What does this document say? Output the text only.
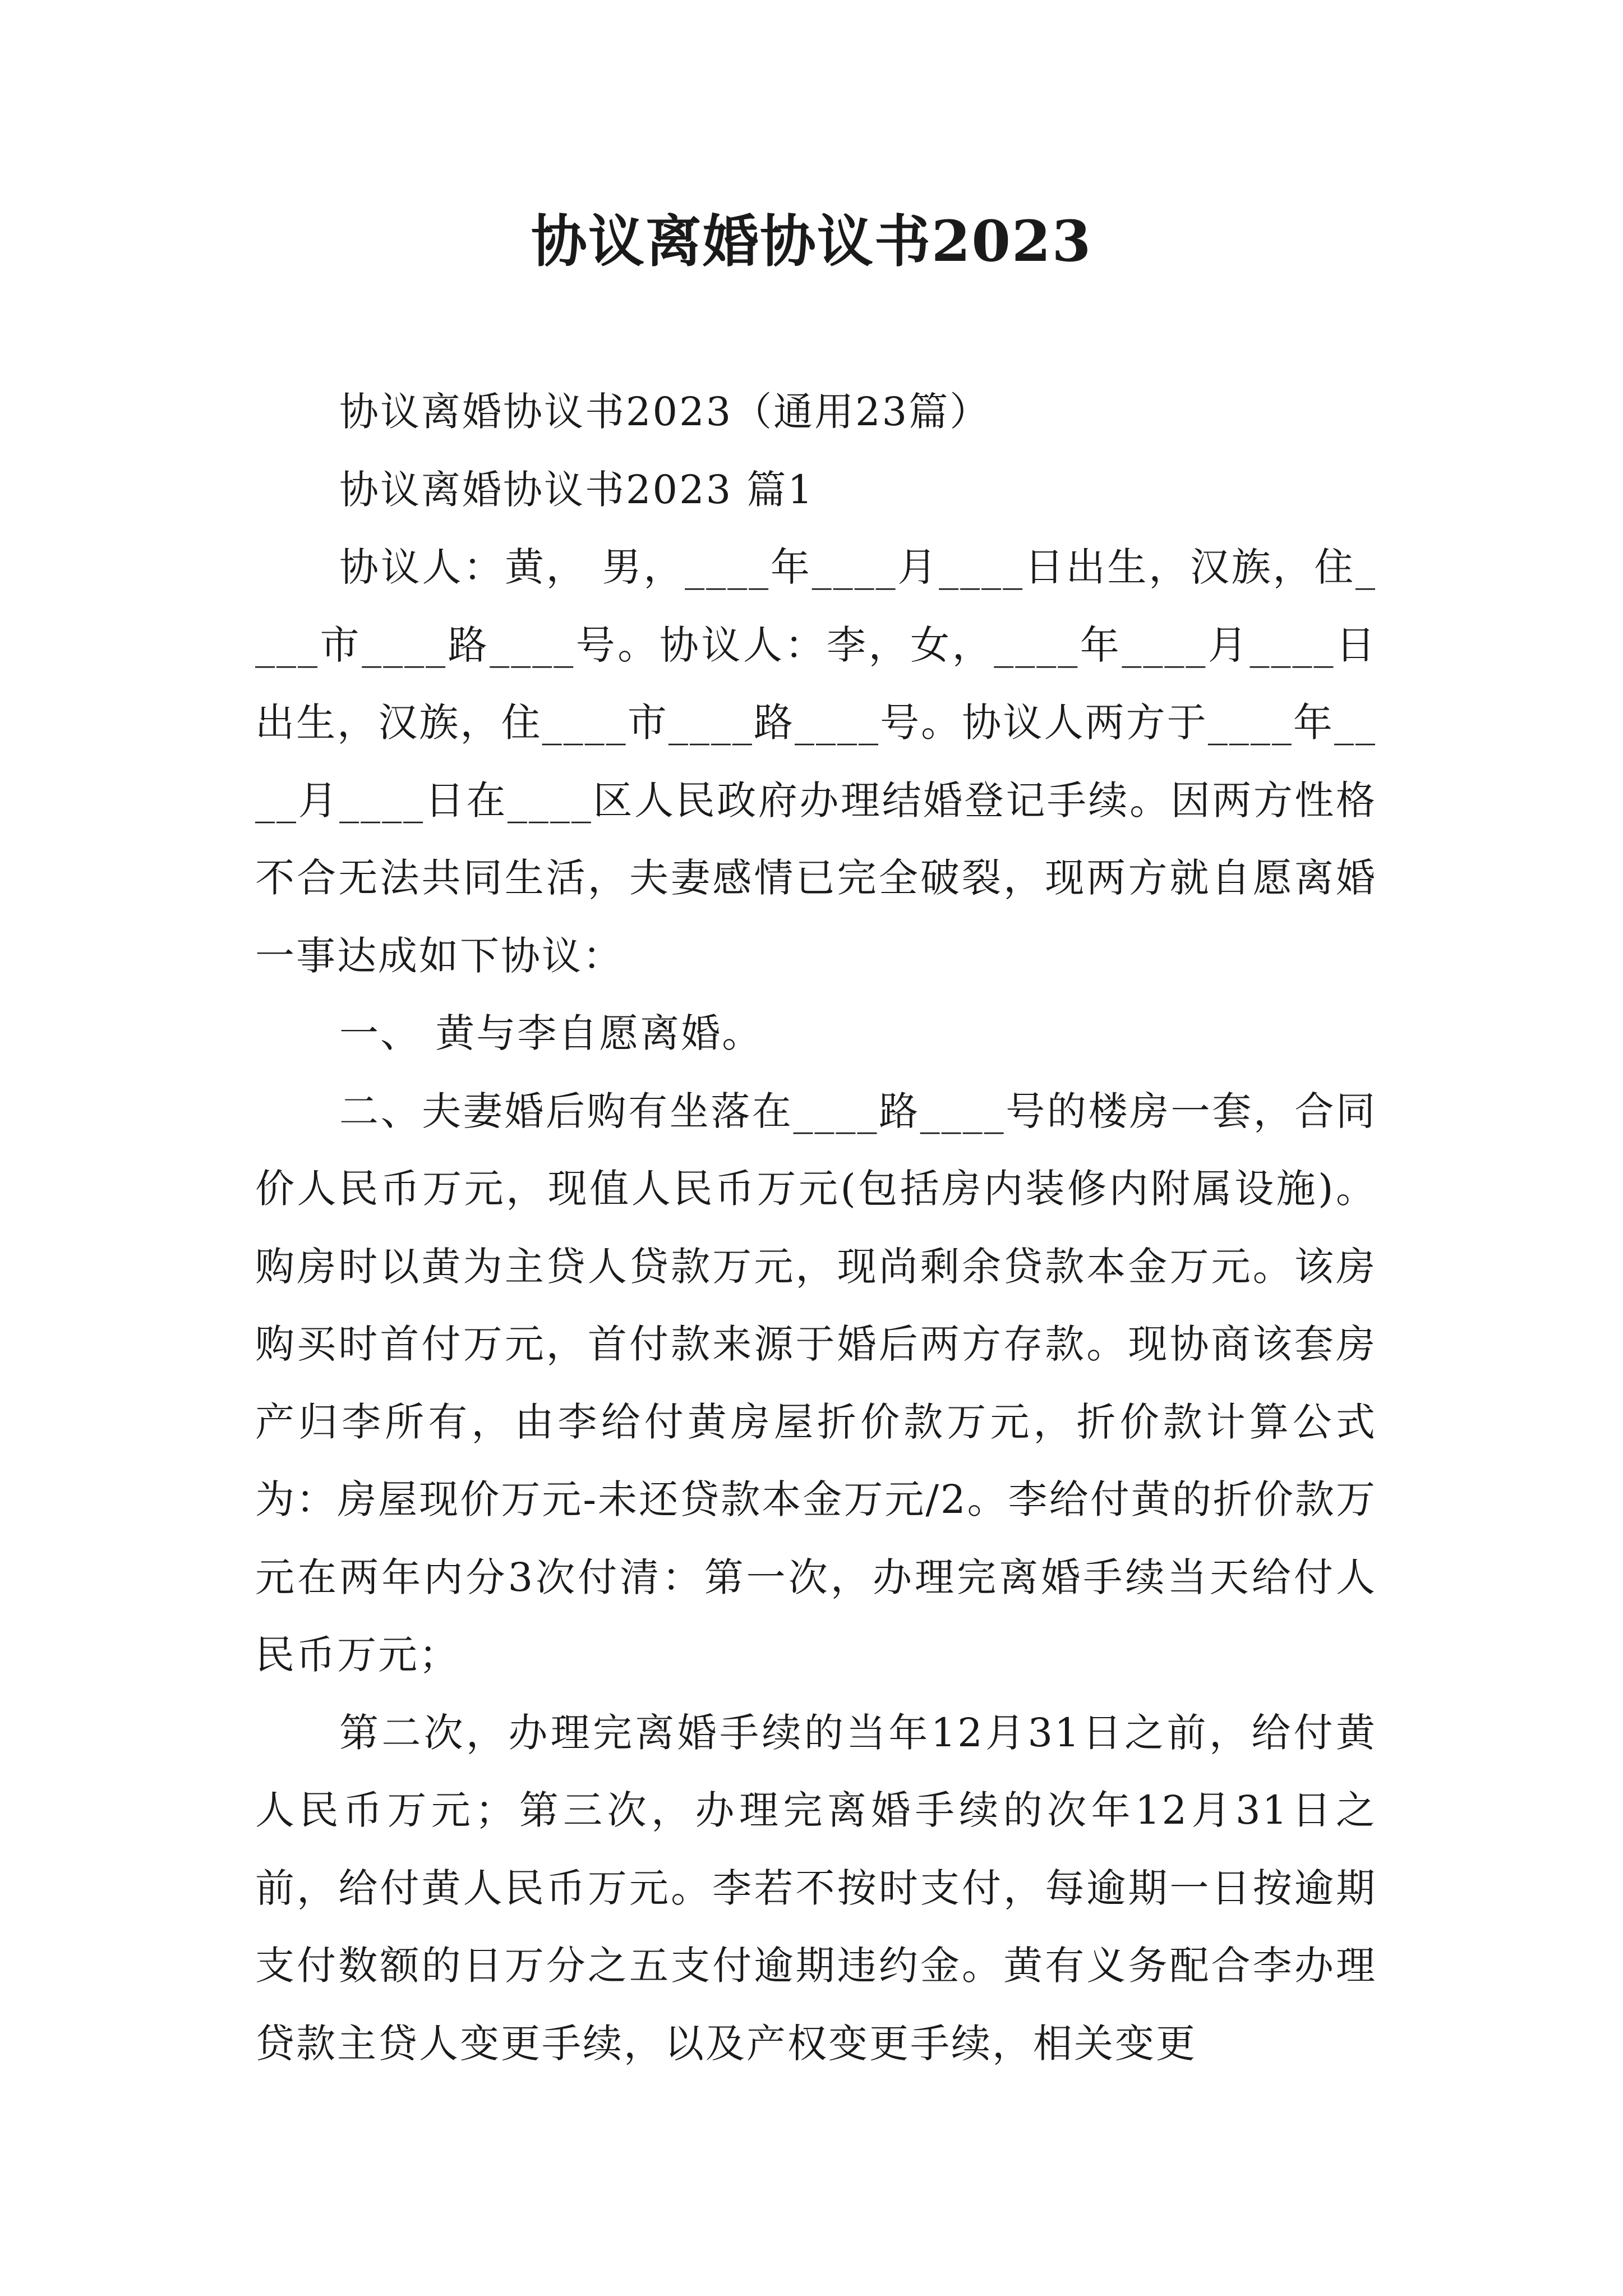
协议离婚协议书2023

协议离婚协议书2023（通用23篇）

协议离婚协议书2023 篇1

协议人：黄， 男，____年____月____日出生，汉族，住____市____路____号。协议人：李，女，____年____月____日出生，汉族，住____市____路____号。协议人两方于____年____月____日在____区人民政府办理结婚登记手续。因两方性格不合无法共同生活，夫妻感情已完全破裂，现两方就自愿离婚一事达成如下协议：

一、 黄与李自愿离婚。

二、夫妻婚后购有坐落在____路____号的楼房一套，合同价人民币万元，现值人民币万元(包括房内装修内附属设施)。购房时以黄为主贷人贷款万元，现尚剩余贷款本金万元。该房购买时首付万元，首付款来源于婚后两方存款。现协商该套房产归李所有，由李给付黄房屋折价款万元，折价款计算公式为：房屋现价万元-未还贷款本金万元/2。李给付黄的折价款万元在两年内分3次付清：第一次，办理完离婚手续当天给付人民币万元；

第二次，办理完离婚手续的当年12月31日之前，给付黄人民币万元；第三次，办理完离婚手续的次年12月31日之前，给付黄人民币万元。李若不按时支付，每逾期一日按逾期支付数额的日万分之五支付逾期违约金。黄有义务配合李办理贷款主贷人变更手续，以及产权变更手续，相关变更
